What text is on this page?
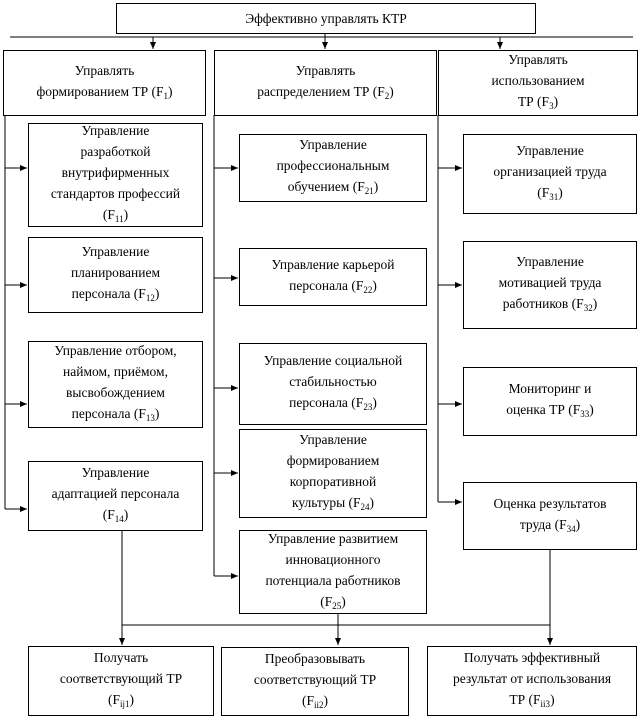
Эффективно управлять КТР
Управлять
формированием ТР $(F_1)$
Управлять
распределением ТР $(F_2)$
Управлять
использованием
ТР $(F_3)$
Управление
разработкой
внутрифирменных
стандартов профессий
$(F_{11})$
Управление
планированием
персонала $(F_{12})$
Управление отбором,
наймом, приёмом,
высвобождением
персонала $(F_{13})$
Управление
адаптацией персонала
$(F_{14})$
Управление
профессиональным
обучением $(F_{21})$
Управление карьерой
персонала $(F_{22})$
Управление социальной
стабильностью
персонала $(F_{23})$
Управление
формированием
корпоративной
культуры $(F_{24})$
Управление развитием
инновационного
потенциала работников
$(F_{25})$
Управление
организацией труда
$(F_{31})$
Управление
мотивацией труда
работников $(F_{32})$
Мониторинг и
оценка ТР $(F_{33})$
Оценка результатов
труда $(F_{34})$
Получать
соответствующий ТР
$(F_{ij1})$
Преобразовывать
соответствующий ТР
$(F_{ii2})$
Получать эффективный
результат от использования
ТР $(F_{ii3})$
